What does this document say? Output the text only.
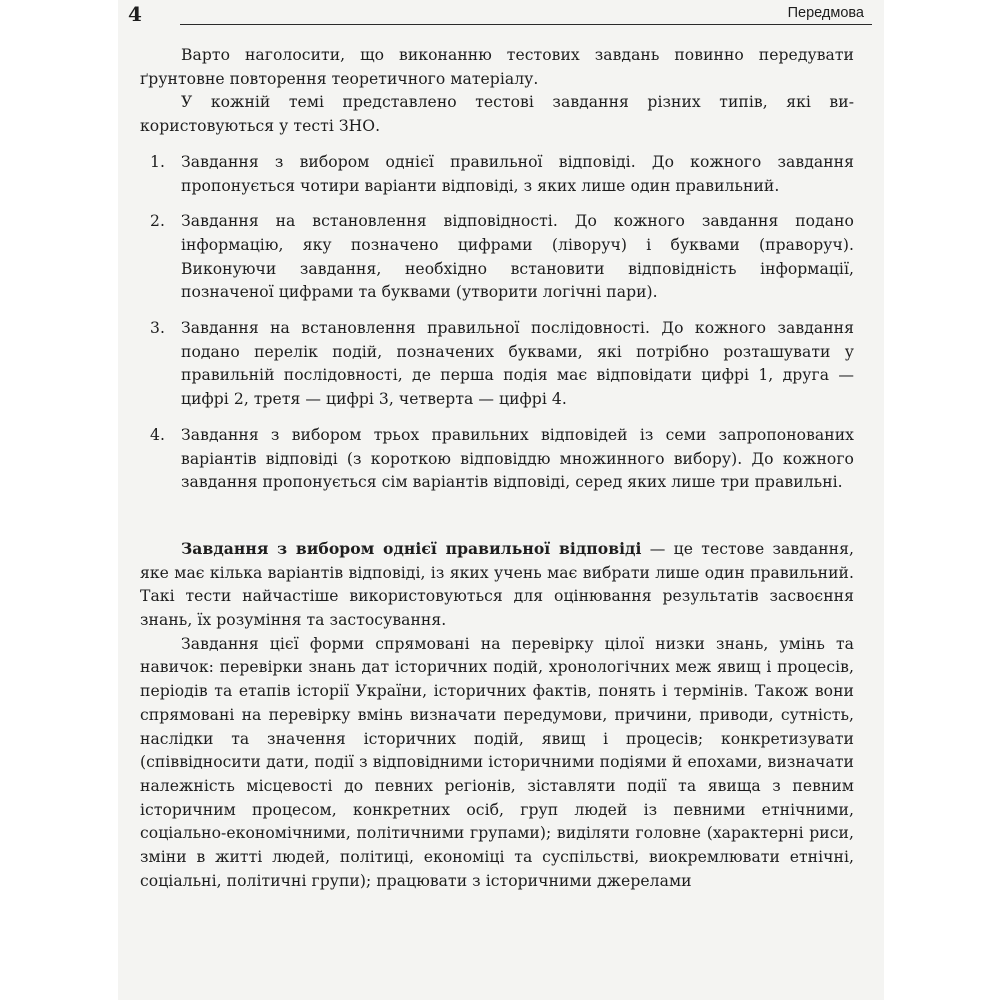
4	Передмова

Варто наголосити, що виконанню тестових завдань повинно передувати ґрунтовне повторення теоретичного матеріалу.

У кожній темі представлено тестові завдання різних типів, які використовуються у тесті ЗНО.

1. Завдання з вибором однієї правильної відповіді. До кожного завдання пропонується чотири варіанти відповіді, з яких лише один правильний.
2. Завдання на встановлення відповідності. До кожного завдання подано інформацію, яку позначено цифрами (ліворуч) і буквами (праворуч). Виконуючи завдання, необхідно встановити відповідність інформації, позначеної цифрами та буквами (утворити логічні пари).
3. Завдання на встановлення правильної послідовності. До кожного завдання подано перелік подій, позначених буквами, які потрібно розташувати у правильній послідовності, де перша подія має відповідати цифрі 1, друга — цифрі 2, третя — цифрі 3, четверта — цифрі 4.
4. Завдання з вибором трьох правильних відповідей із семи запропонованих варіантів відповіді (з короткою відповіддю множинного вибору). До кожного завдання пропонується сім варіантів відповіді, серед яких лише три правильні.

Завдання з вибором однієї правильної відповіді — це тестове завдання, яке має кілька варіантів відповіді, із яких учень має вибрати лише один правильний. Такі тести найчастіше використовуються для оцінювання результатів засвоєння знань, їх розуміння та застосування.

Завдання цієї форми спрямовані на перевірку цілої низки знань, умінь та навичок: перевірки знань дат історичних подій, хронологічних меж явищ і процесів, періодів та етапів історії України, історичних фактів, понять і термінів. Також вони спрямовані на перевірку вмінь визначати передумови, причини, приводи, сутність, наслідки та значення історичних подій, явищ і процесів; конкретизувати (співвідносити дати, події з відповідними історичними подіями й епохами, визначати належність місцевості до певних регіонів, зіставляти події та явища з певним історичним процесом, конкретних осіб, груп людей із певними етнічними, соціально-економічними, політичними групами); виділяти головне (характерні риси, зміни в житті людей, політиці, економіці та суспільстві, виокремлювати етнічні, соціальні, політичні групи); працювати з історичними джерелами
